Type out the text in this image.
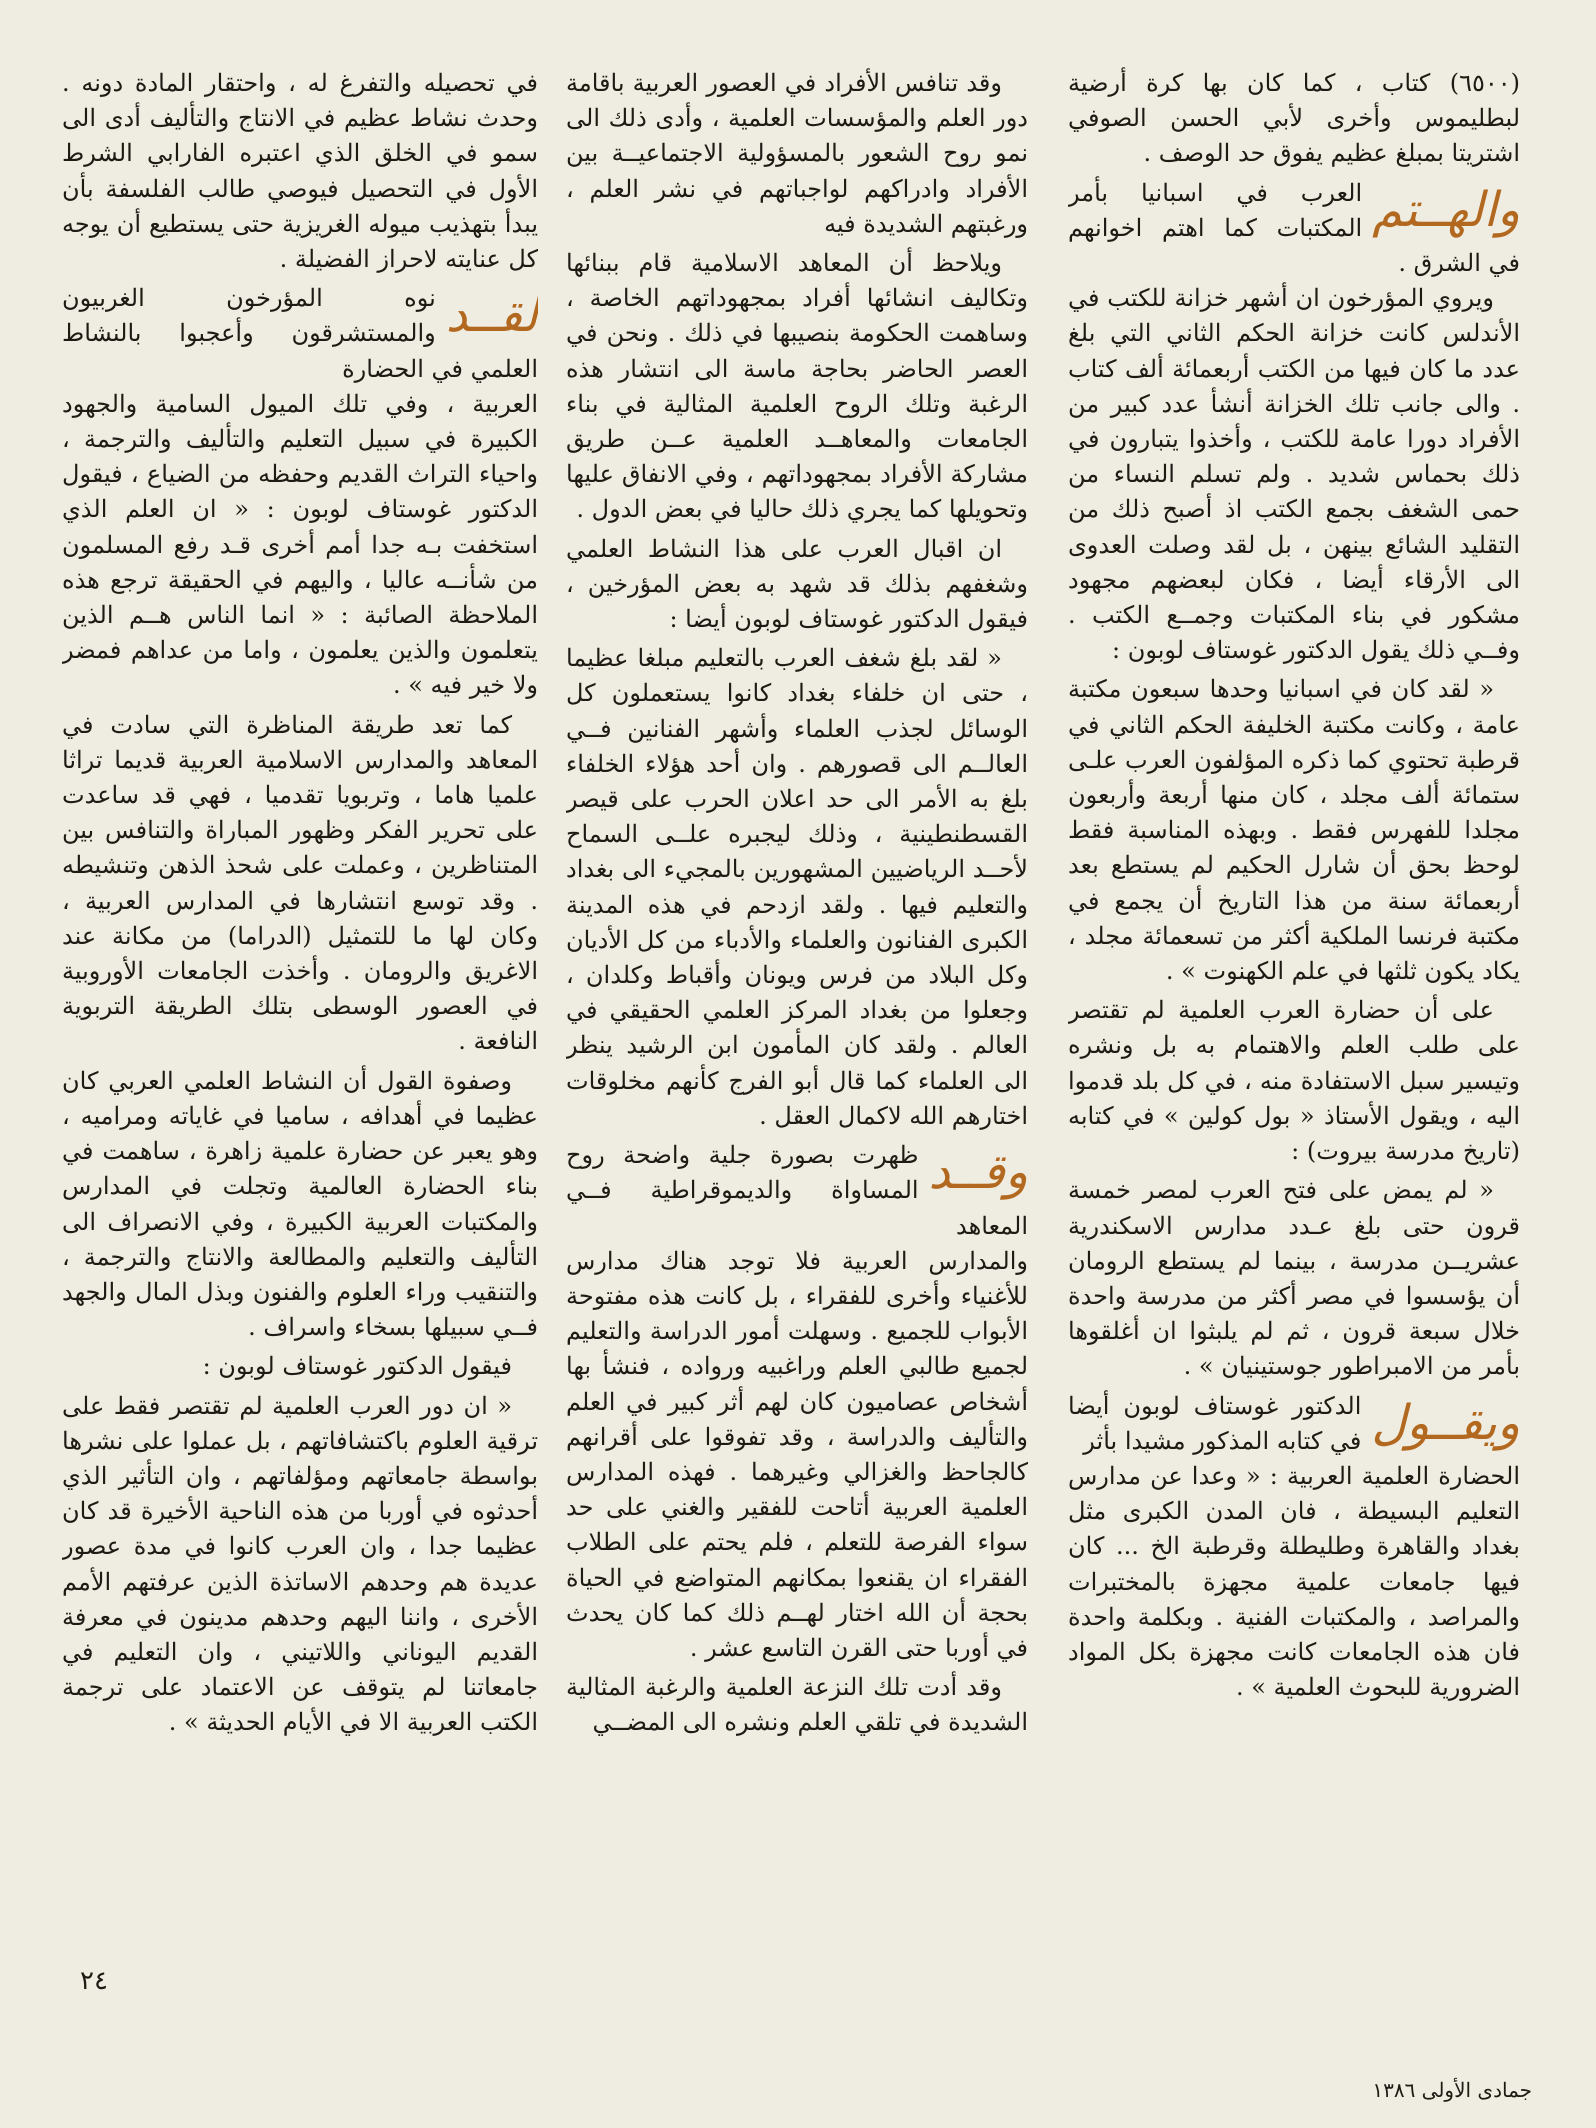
(٦٥٠٠) كتاب ، كما كان بها كرة أرضية لبطليموس وأخرى لأبي الحسن الصوفي اشتريتا بمبلغ عظيم يفوق حد الوصف .

والهــتم

العرب في اسبانيا بأمر المكتبات كما اهتم اخوانهم في الشرق .

ويروي المؤرخون ان أشهر خزانة للكتب في الأندلس كانت خزانة الحكم الثاني التي بلغ عدد ما كان فيها من الكتب أربعمائة ألف كتاب . والى جانب تلك الخزانة أنشأ عدد كبير من الأفراد دورا عامة للكتب ، وأخذوا يتبارون في ذلك بحماس شديد . ولم تسلم النساء من حمى الشغف بجمع الكتب اذ أصبح ذلك من التقليد الشائع بينهن ، بل لقد وصلت العدوى الى الأرقاء أيضا ، فكان لبعضهم مجهود مشكور في بناء المكتبات وجمــع الكتب . وفــي ذلك يقول الدكتور غوستاف لوبون :

« لقد كان في اسبانيا وحدها سبعون مكتبة عامة ، وكانت مكتبة الخليفة الحكم الثاني في قرطبة تحتوي كما ذكره المؤلفون العرب علـى ستمائة ألف مجلد ، كان منها أربعة وأربعون مجلدا للفهرس فقط . وبهذه المناسبة فقط لوحظ بحق أن شارل الحكيم لم يستطع بعد أربعمائة سنة من هذا التاريخ أن يجمع في مكتبة فرنسا الملكية أكثر من تسعمائة مجلد ، يكاد يكون ثلثها في علم الكهنوت » .

على أن حضارة العرب العلمية لم تقتصر على طلب العلم والاهتمام به بل ونشره وتيسير سبل الاستفادة منه ، في كل بلد قدموا اليه ، ويقول الأستاذ « بول كولين » في كتابه (تاريخ مدرسة بيروت) :

« لم يمض على فتح العرب لمصر خمسة قرون حتى بلغ عـدد مدارس الاسكندرية عشريــن مدرسة ، بينما لم يستطع الرومان أن يؤسسوا في مصر أكثر من مدرسة واحدة خلال سبعة قرون ، ثم لم يلبثوا ان أغلقوها بأمر من الامبراطور جوستينيان » .

ويقــول

الدكتور غوستاف لوبون أيضا في كتابه المذكور مشيدا بأثر

الحضارة العلمية العربية : « وعدا عن مدارس التعليم البسيطة ، فان المدن الكبرى مثل بغداد والقاهرة وطليطلة وقرطبة الخ ... كان فيها جامعات علمية مجهزة بالمختبرات والمراصد ، والمكتبات الفنية . وبكلمة واحدة فان هذه الجامعات كانت مجهزة بكل المواد الضرورية للبحوث العلمية » .

وقد تنافس الأفراد في العصور العربية باقامة دور العلم والمؤسسات العلمية ، وأدى ذلك الى نمو روح الشعور بالمسؤولية الاجتماعيــة بين الأفراد وادراكهم لواجباتهم في نشر العلم ، ورغبتهم الشديدة فيه

ويلاحظ أن المعاهد الاسلامية قام ببنائها وتكاليف انشائها أفراد بمجهوداتهم الخاصة ، وساهمت الحكومة بنصيبها في ذلك . ونحن في العصر الحاضر بحاجة ماسة الى انتشار هذه الرغبة وتلك الروح العلمية المثالية في بناء الجامعات والمعاهــد العلمية عــن طريق مشاركة الأفراد بمجهوداتهم ، وفي الانفاق عليها وتحويلها كما يجري ذلك حاليا في بعض الدول .

ان اقبال العرب على هذا النشاط العلمي وشغفهم بذلك قد شهد به بعض المؤرخين ، فيقول الدكتور غوستاف لوبون أيضا :

« لقد بلغ شغف العرب بالتعليم مبلغا عظيما ، حتى ان خلفاء بغداد كانوا يستعملون كل الوسائل لجذب العلماء وأشهر الفنانين فــي العالــم الى قصورهم . وان أحد هؤلاء الخلفاء بلغ به الأمر الى حد اعلان الحرب على قيصر القسطنطينية ، وذلك ليجبره علــى السماح لأحــد الرياضيين المشهورين بالمجيء الى بغداد والتعليم فيها . ولقد ازدحم في هذه المدينة الكبرى الفنانون والعلماء والأدباء من كل الأديان وكل البلاد من فرس ويونان وأقباط وكلدان ، وجعلوا من بغداد المركز العلمي الحقيقي في العالم . ولقد كان المأمون ابن الرشيد ينظر الى العلماء كما قال أبو الفرج كأنهم مخلوقات اختارهم الله لاكمال العقل .

وقــد

ظهرت بصورة جلية واضحة روح المساواة والديموقراطية فــي المعاهد

والمدارس العربية فلا توجد هناك مدارس للأغنياء وأخرى للفقراء ، بل كانت هذه مفتوحة الأبواب للجميع . وسهلت أمور الدراسة والتعليم لجميع طالبي العلم وراغبيه ورواده ، فنشأ بها أشخاص عصاميون كان لهم أثر كبير في العلم والتأليف والدراسة ، وقد تفوقوا على أقرانهم كالجاحظ والغزالي وغيرهما . فهذه المدارس العلمية العربية أتاحت للفقير والغني على حد سواء الفرصة للتعلم ، فلم يحتم على الطلاب الفقراء ان يقنعوا بمكانهم المتواضع في الحياة بحجة أن الله اختار لهــم ذلك كما كان يحدث في أوربا حتى القرن التاسع عشر .

وقد أدت تلك النزعة العلمية والرغبة المثالية الشديدة في تلقي العلم ونشره الى المضــي

في تحصيله والتفرغ له ، واحتقار المادة دونه . وحدث نشاط عظيم في الانتاج والتأليف أدى الى سمو في الخلق الذي اعتبره الفارابي الشرط الأول في التحصيل فيوصي طالب الفلسفة بأن يبدأ بتهذيب ميوله الغريزية حتى يستطيع أن يوجه كل عنايته لاحراز الفضيلة .

لقــد

نوه المؤرخون الغربيون والمستشرقون وأعجبوا بالنشاط العلمي في الحضارة

العربية ، وفي تلك الميول السامية والجهود الكبيرة في سبيل التعليم والتأليف والترجمة ، واحياء التراث القديم وحفظه من الضياع ، فيقول الدكتور غوستاف لوبون : « ان العلم الذي استخفت بـه جدا أمم أخرى قـد رفع المسلمون من شأنــه عاليا ، واليهم في الحقيقة ترجع هذه الملاحظة الصائبة : « انما الناس هــم الذين يتعلمون والذين يعلمون ، واما من عداهم فمضر ولا خير فيه » .

كما تعد طريقة المناظرة التي سادت في المعاهد والمدارس الاسلامية العربية قديما تراثا علميا هاما ، وتربويا تقدميا ، فهي قد ساعدت على تحرير الفكر وظهور المباراة والتنافس بين المتناظرين ، وعملت على شحذ الذهن وتنشيطه . وقد توسع انتشارها في المدارس العربية ، وكان لها ما للتمثيل (الدراما) من مكانة عند الاغريق والرومان . وأخذت الجامعات الأوروبية في العصور الوسطى بتلك الطريقة التربوية النافعة .

وصفوة القول أن النشاط العلمي العربي كان عظيما في أهدافه ، ساميا في غاياته ومراميه ، وهو يعبر عن حضارة علمية زاهرة ، ساهمت في بناء الحضارة العالمية وتجلت في المدارس والمكتبات العربية الكبيرة ، وفي الانصراف الى التأليف والتعليم والمطالعة والانتاج والترجمة ، والتنقيب وراء العلوم والفنون وبذل المال والجهد فــي سبيلها بسخاء واسراف .

فيقول الدكتور غوستاف لوبون :

« ان دور العرب العلمية لم تقتصر فقط على ترقية العلوم باكتشافاتهم ، بل عملوا على نشرها بواسطة جامعاتهم ومؤلفاتهم ، وان التأثير الذي أحدثوه في أوربا من هذه الناحية الأخيرة قد كان عظيما جدا ، وان العرب كانوا في مدة عصور عديدة هم وحدهم الاساتذة الذين عرفتهم الأمم الأخرى ، واننا اليهم وحدهم مدينون في معرفة القديم اليوناني واللاتيني ، وان التعليم في جامعاتنا لم يتوقف عن الاعتماد على ترجمة الكتب العربية الا في الأيام الحديثة » .

٢٤
جمادى الأولى ١٣٨٦
